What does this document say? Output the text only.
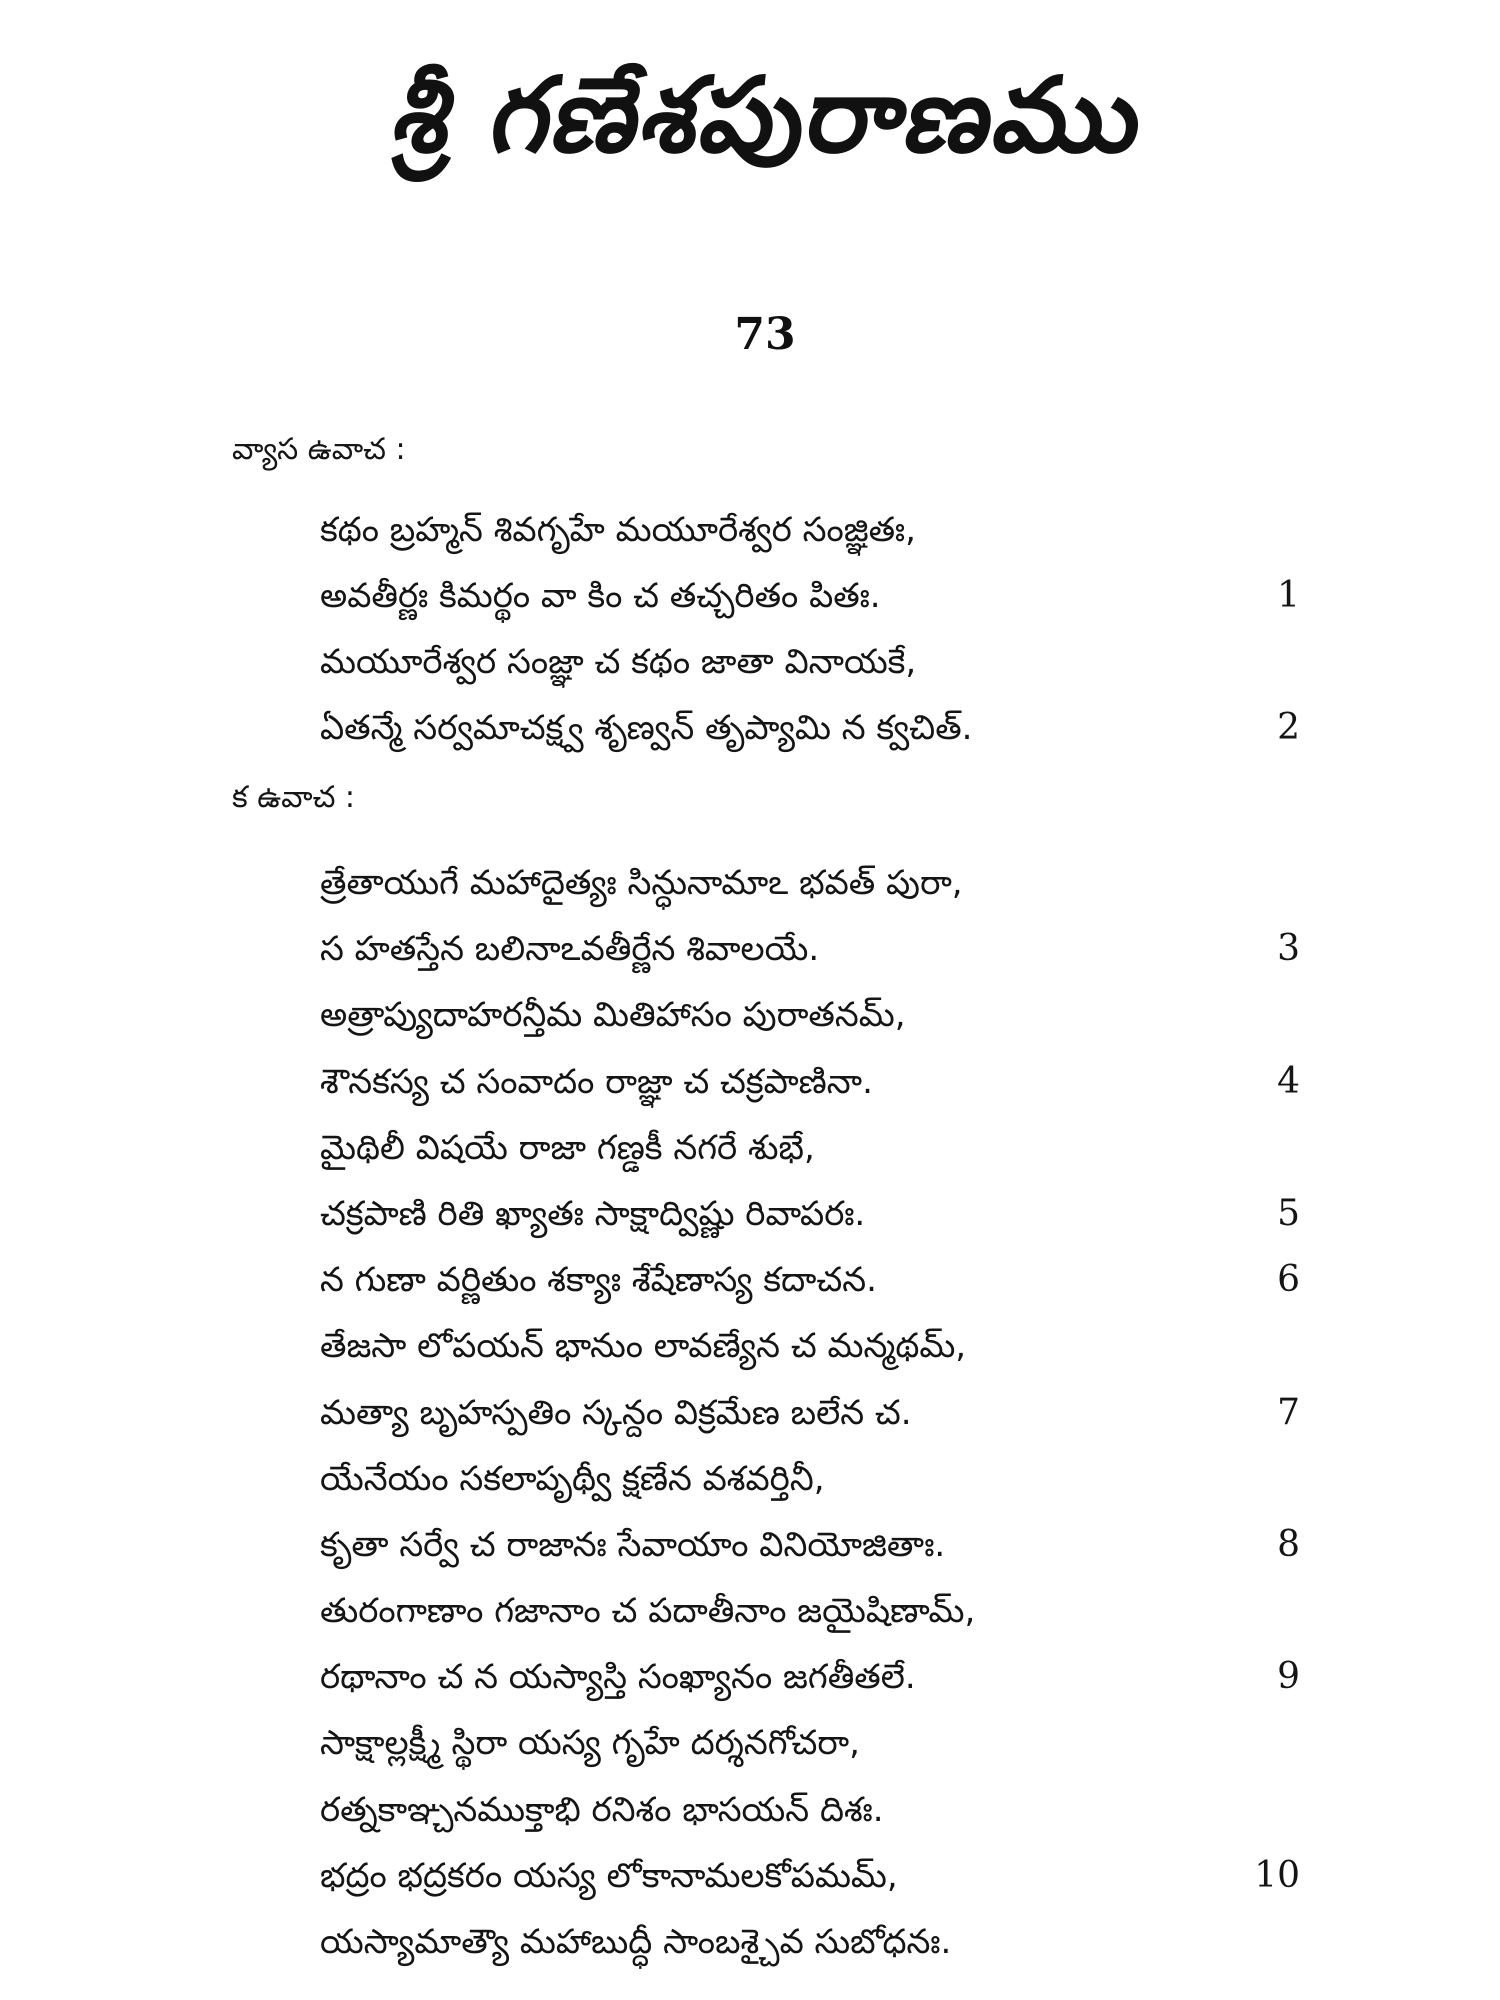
శ్రీ గణేశపురాణము
73
వ్యాస ఉవాచ :
కథం బ్రహ్మన్ శివగృహే మయూరేశ్వర సంజ్ఞితః,
అవతీర్ణః కిమర్థం వా కిం చ తచ్చరితం పితః.	1
మయూరేశ్వర సంజ్ఞా చ కథం జాతా వినాయకే,
ఏతన్మే సర్వమాచక్ష్వ శృణ్వన్ తృప్యామి న క్వచిత్.	2
క ఉవాచ :
త్రేతాయుగే మహాదైత్యః సిన్ధునామాఽ భవత్ పురా,
స హతస్తేన బలినాఽవతీర్ణేన శివాలయే.	3
అత్రాప్యుదాహరన్తీమ మితిహాసం పురాతనమ్,
శౌనకస్య చ సంవాదం రాజ్ఞా చ చక్రపాణినా.	4
మైథిలీ విషయే రాజా గణ్డకీ నగరే శుభే,
చక్రపాణి రితి ఖ్యాతః సాక్షాద్విష్ణు రివాపరః.	5
న గుణా వర్ణితుం శక్యాః శేషేణాస్య కదాచన.	6
తేజసా లోపయన్ భానుం లావణ్యేన చ మన్మథమ్,
మత్యా బృహస్పతిం స్కన్దం విక్రమేణ బలేన చ.	7
యేనేయం సకలాపృథ్వీ క్షణేన వశవర్తినీ,
కృతా సర్వే చ రాజానః సేవాయాం వినియోజితాః.	8
తురంగాణాం గజానాం చ పదాతీనాం జయైషిణామ్,
రథానాం చ న యస్యాస్తి సంఖ్యానం జగతీతలే.	9
సాక్షాల్లక్ష్మీ స్థిరా యస్య గృహే దర్శనగోచరా,
రత్నకాఞ్చనముక్తాభి రనిశం భాసయన్ దిశః.
భద్రం భద్రకరం యస్య లోకానామలకోపమమ్,	10
యస్యామాత్యౌ మహాబుద్ధీ సాంబశ్చైవ సుబోధనః.
